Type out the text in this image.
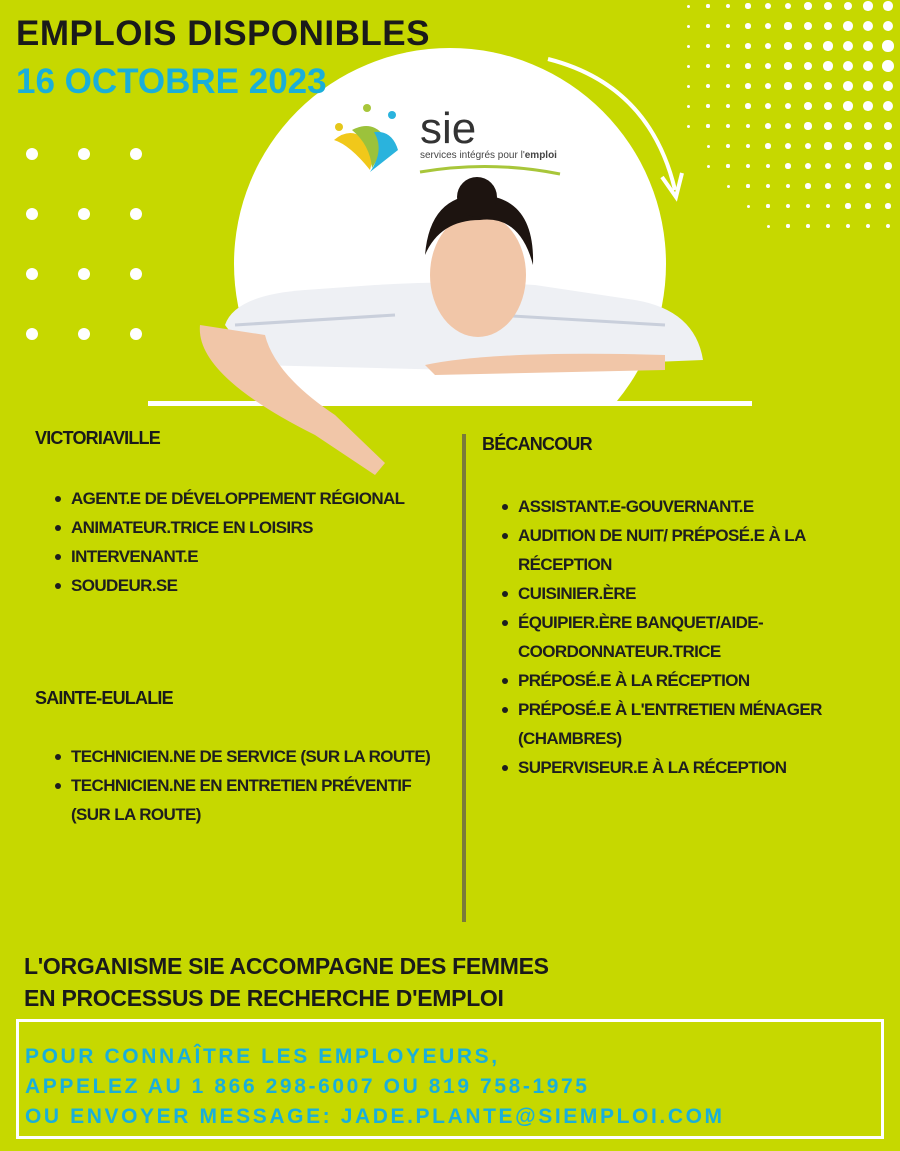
EMPLOIS DISPONIBLES
16 OCTOBRE 2023
sie
services intégrés pour l'emploi
VICTORIAVILLE
AGENT.E DE DÉVELOPPEMENT RÉGIONAL
ANIMATEUR.TRICE EN LOISIRS
INTERVENANT.E
SOUDEUR.SE
SAINTE-EULALIE
TECHNICIEN.NE DE SERVICE (SUR LA ROUTE)
TECHNICIEN.NE EN ENTRETIEN PRÉVENTIF (SUR LA ROUTE)
BÉCANCOUR
ASSISTANT.E-GOUVERNANT.E
AUDITION DE NUIT/ PRÉPOSÉ.E À LA RÉCEPTION
CUISINIER.ÈRE
ÉQUIPIER.ÈRE BANQUET/AIDE-COORDONNATEUR.TRICE
PRÉPOSÉ.E À LA RÉCEPTION
PRÉPOSÉ.E À L'ENTRETIEN MÉNAGER (CHAMBRES)
SUPERVISEUR.E À LA RÉCEPTION
L'ORGANISME SIE ACCOMPAGNE DES FEMMES
EN PROCESSUS DE RECHERCHE D'EMPLOI
POUR CONNAÎTRE LES EMPLOYEURS,
APPELEZ AU 1 866 298-6007 OU 819 758-1975
OU ENVOYER MESSAGE: JADE.PLANTE@SIEMPLOI.COM
